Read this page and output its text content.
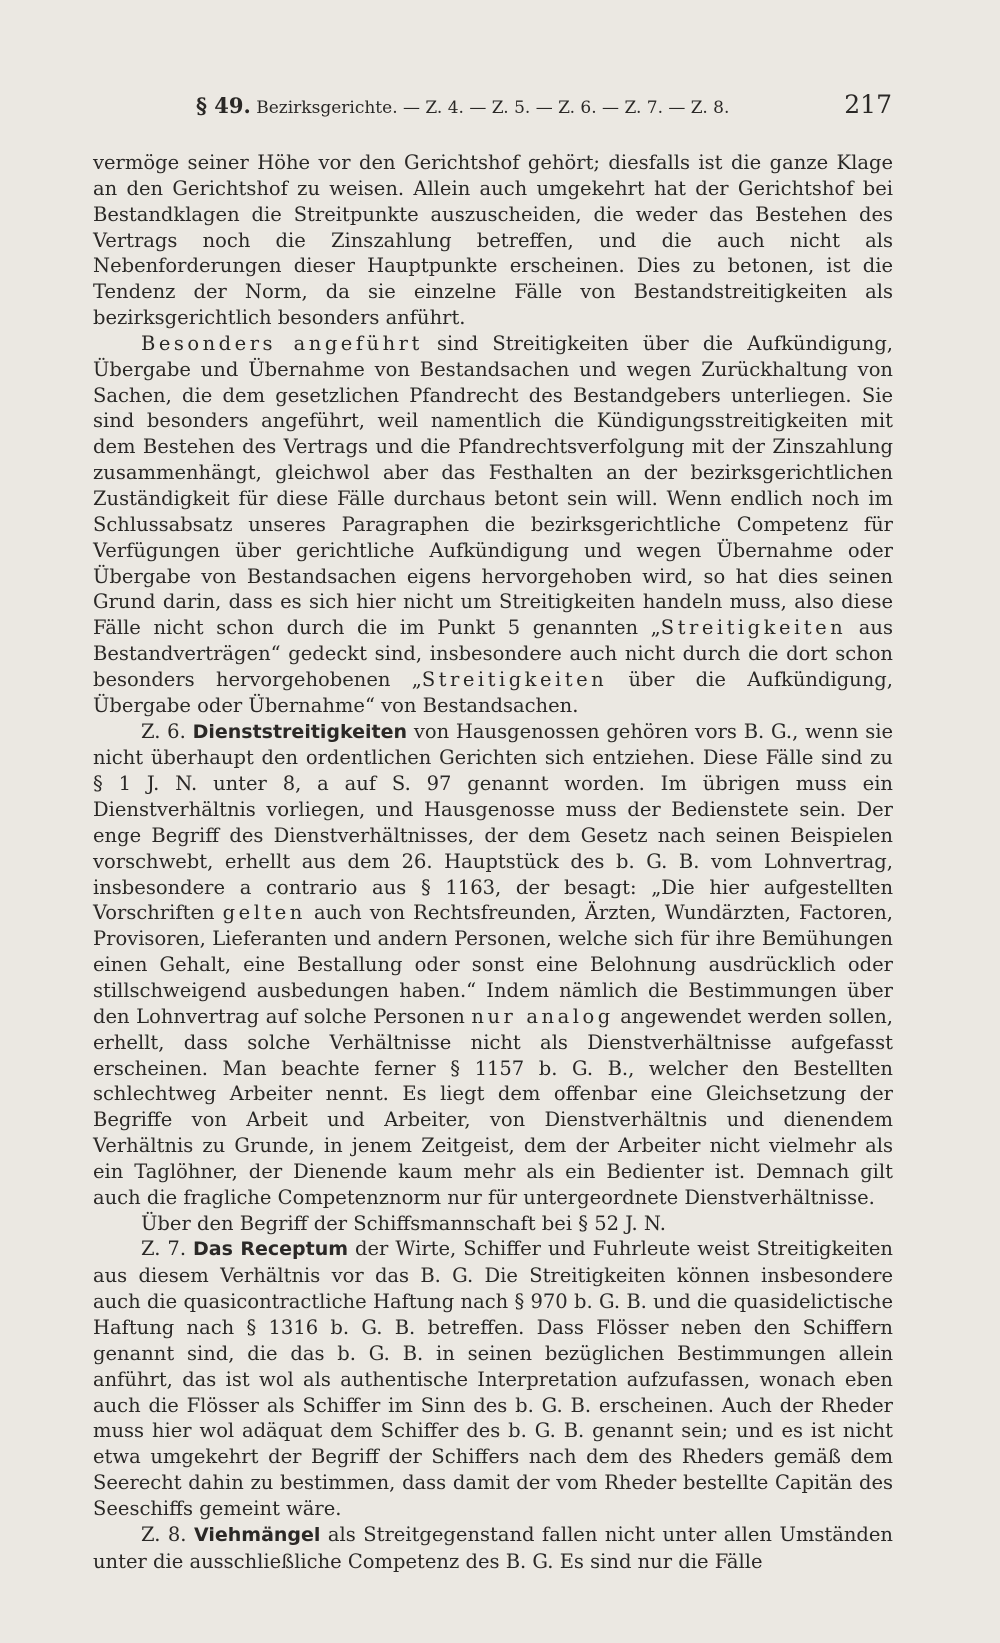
§ 49. Bezirksgerichte. — Z. 4. — Z. 5. — Z. 6. — Z. 7. — Z. 8.	217

vermöge seiner Höhe vor den Gerichtshof gehört; diesfalls ist die ganze Klage an den Gerichtshof zu weisen. Allein auch umgekehrt hat der Gerichtshof bei Bestandklagen die Streitpunkte auszuscheiden, die weder das Bestehen des Vertrags noch die Zinszahlung betreffen, und die auch nicht als Nebenforderungen dieser Hauptpunkte erscheinen. Dies zu betonen, ist die Tendenz der Norm, da sie einzelne Fälle von Bestandstreitigkeiten als bezirksgerichtlich besonders anführt.

Besonders angeführt sind Streitigkeiten über die Aufkündigung, Übergabe und Übernahme von Bestandsachen und wegen Zurückhaltung von Sachen, die dem gesetzlichen Pfandrecht des Bestandgebers unterliegen. Sie sind besonders angeführt, weil namentlich die Kündigungsstreitigkeiten mit dem Bestehen des Vertrags und die Pfandrechtsverfolgung mit der Zinszahlung zusammenhängt, gleichwol aber das Festhalten an der bezirksgerichtlichen Zuständigkeit für diese Fälle durchaus betont sein will. Wenn endlich noch im Schlussabsatz unseres Paragraphen die bezirksgerichtliche Competenz für Verfügungen über gerichtliche Aufkündigung und wegen Übernahme oder Übergabe von Bestandsachen eigens hervorgehoben wird, so hat dies seinen Grund darin, dass es sich hier nicht um Streitigkeiten handeln muss, also diese Fälle nicht schon durch die im Punkt 5 genannten „Streitigkeiten aus Bestandverträgen“ gedeckt sind, insbesondere auch nicht durch die dort schon besonders hervorgehobenen „Streitigkeiten über die Aufkündigung, Übergabe oder Übernahme“ von Bestandsachen.

Z. 6. Dienststreitigkeiten von Hausgenossen gehören vors B. G., wenn sie nicht überhaupt den ordentlichen Gerichten sich entziehen. Diese Fälle sind zu § 1 J. N. unter 8, a auf S. 97 genannt worden. Im übrigen muss ein Dienstverhältnis vorliegen, und Hausgenosse muss der Bedienstete sein. Der enge Begriff des Dienstverhältnisses, der dem Gesetz nach seinen Beispielen vorschwebt, erhellt aus dem 26. Hauptstück des b. G. B. vom Lohnvertrag, insbesondere a contrario aus § 1163, der besagt: „Die hier aufgestellten Vorschriften gelten auch von Rechtsfreunden, Ärzten, Wundärzten, Factoren, Provisoren, Lieferanten und andern Personen, welche sich für ihre Bemühungen einen Gehalt, eine Bestallung oder sonst eine Belohnung ausdrücklich oder stillschweigend ausbedungen haben.“ Indem nämlich die Bestimmungen über den Lohnvertrag auf solche Personen nur analog angewendet werden sollen, erhellt, dass solche Verhältnisse nicht als Dienstverhältnisse aufgefasst erscheinen. Man beachte ferner § 1157 b. G. B., welcher den Bestellten schlechtweg Arbeiter nennt. Es liegt dem offenbar eine Gleichsetzung der Begriffe von Arbeit und Arbeiter, von Dienstverhältnis und dienendem Verhältnis zu Grunde, in jenem Zeitgeist, dem der Arbeiter nicht vielmehr als ein Taglöhner, der Dienende kaum mehr als ein Bedienter ist. Demnach gilt auch die fragliche Competenznorm nur für untergeordnete Dienstverhältnisse.

Über den Begriff der Schiffsmannschaft bei § 52 J. N.

Z. 7. Das Receptum der Wirte, Schiffer und Fuhrleute weist Streitigkeiten aus diesem Verhältnis vor das B. G. Die Streitigkeiten können insbesondere auch die quasicontractliche Haftung nach § 970 b. G. B. und die quasidelictische Haftung nach § 1316 b. G. B. betreffen. Dass Flösser neben den Schiffern genannt sind, die das b. G. B. in seinen bezüglichen Bestimmungen allein anführt, das ist wol als authentische Interpretation aufzufassen, wonach eben auch die Flösser als Schiffer im Sinn des b. G. B. erscheinen. Auch der Rheder muss hier wol adäquat dem Schiffer des b. G. B. genannt sein; und es ist nicht etwa umgekehrt der Begriff der Schiffers nach dem des Rheders gemäß dem Seerecht dahin zu bestimmen, dass damit der vom Rheder bestellte Capitän des Seeschiffs gemeint wäre.

Z. 8. Viehmängel als Streitgegenstand fallen nicht unter allen Umständen unter die ausschließliche Competenz des B. G. Es sind nur die Fälle
